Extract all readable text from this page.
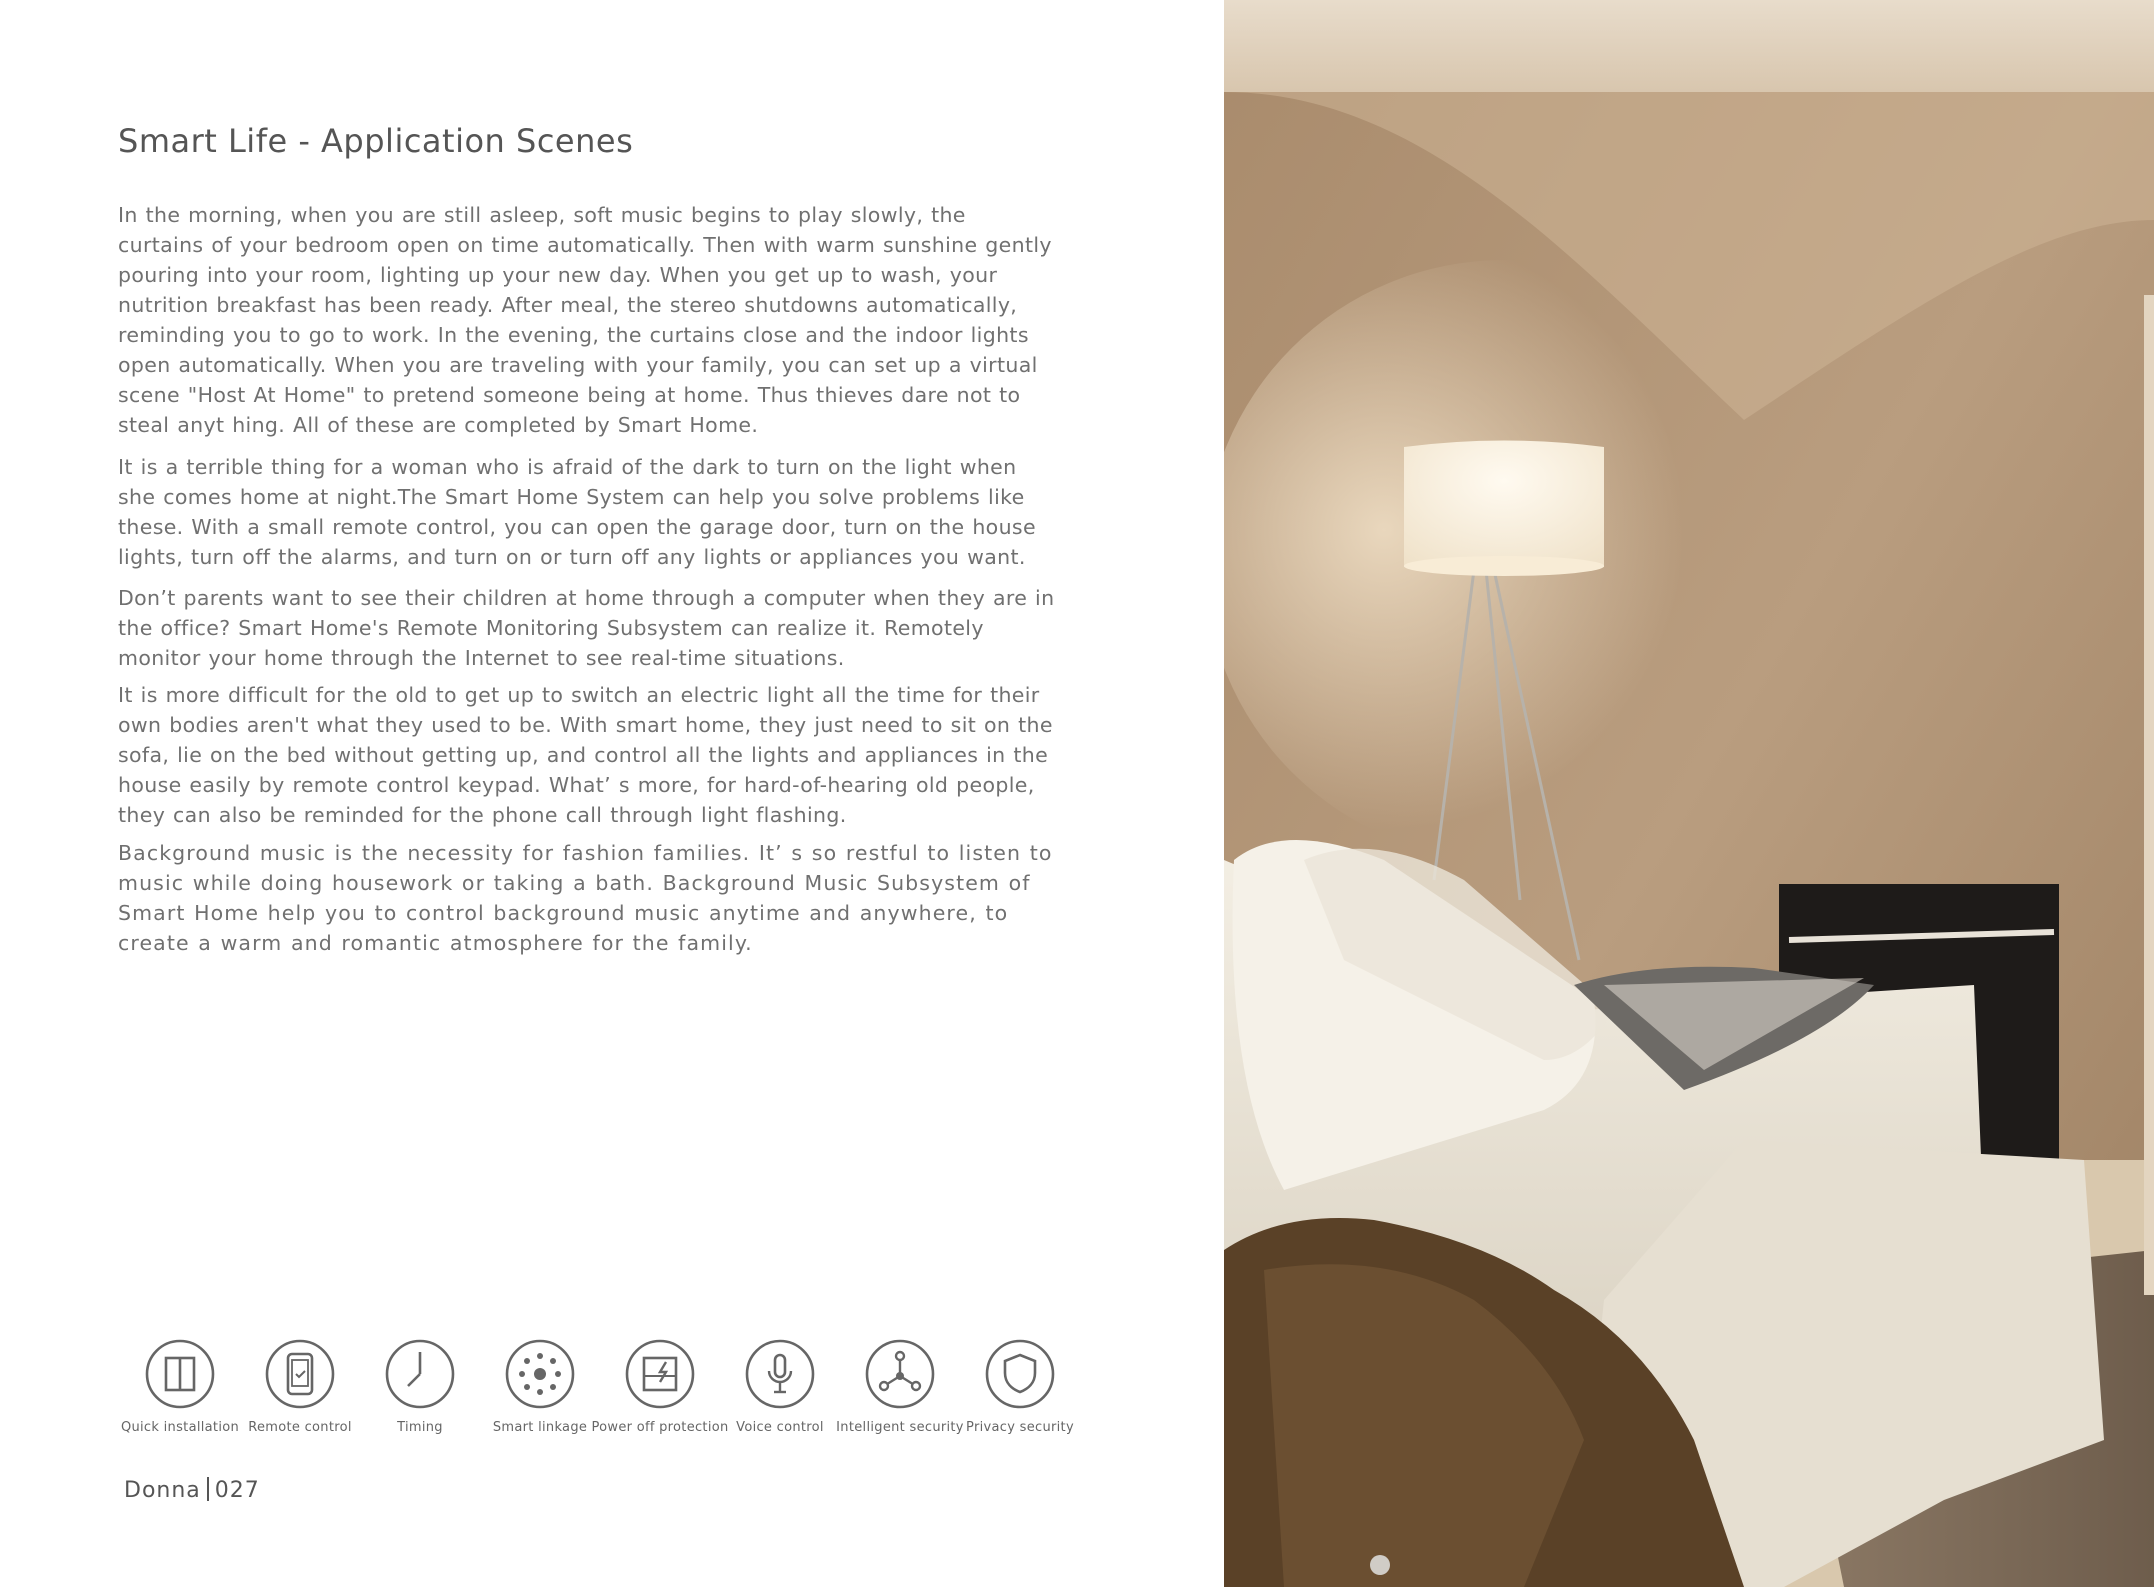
Smart Life - Application Scenes

In the morning, when you are still asleep, soft music begins to play slowly, the curtains of your bedroom open on time automatically. Then with warm sunshine gently pouring into your room, lighting up your new day. When you get up to wash, your nutrition breakfast has been ready. After meal, the stereo shutdowns automatically, reminding you to go to work. In the evening, the curtains close and the indoor lights open automatically. When you are traveling with your family, you can set up a virtual scene "Host At Home" to pretend someone being at home. Thus thieves dare not to steal anyt hing. All of these are completed by Smart Home.

It is a terrible thing for a woman who is afraid of the dark to turn on the light when she comes home at night.The Smart Home System can help you solve problems like these. With a small remote control, you can open the garage door, turn on the house lights, turn off the alarms, and turn on or turn off any lights or appliances you want.

Don’t parents want to see their children at home through a computer when they are in the office? Smart Home's Remote Monitoring Subsystem can realize it. Remotely monitor your home through the Internet to see real-time situations.

It is more difficult for the old to get up to switch an electric light all the time for their own bodies aren't what they used to be. With smart home, they just need to sit on the sofa, lie on the bed without getting up, and control all the lights and appliances in the house easily by remote control keypad. What’ s more, for hard-of-hearing old people, they can also be reminded for the phone call through light flashing.

Background music is the necessity for fashion families. It’ s so restful to listen to music while doing housework or taking a bath. Background Music Subsystem of Smart Home help you to control background music anytime and anywhere, to create a warm and romantic atmosphere for the family.

Quick installation Remote control	Timing	Smart linkage Power off protection Voice control Intelligent security Privacy security
Donna 027
